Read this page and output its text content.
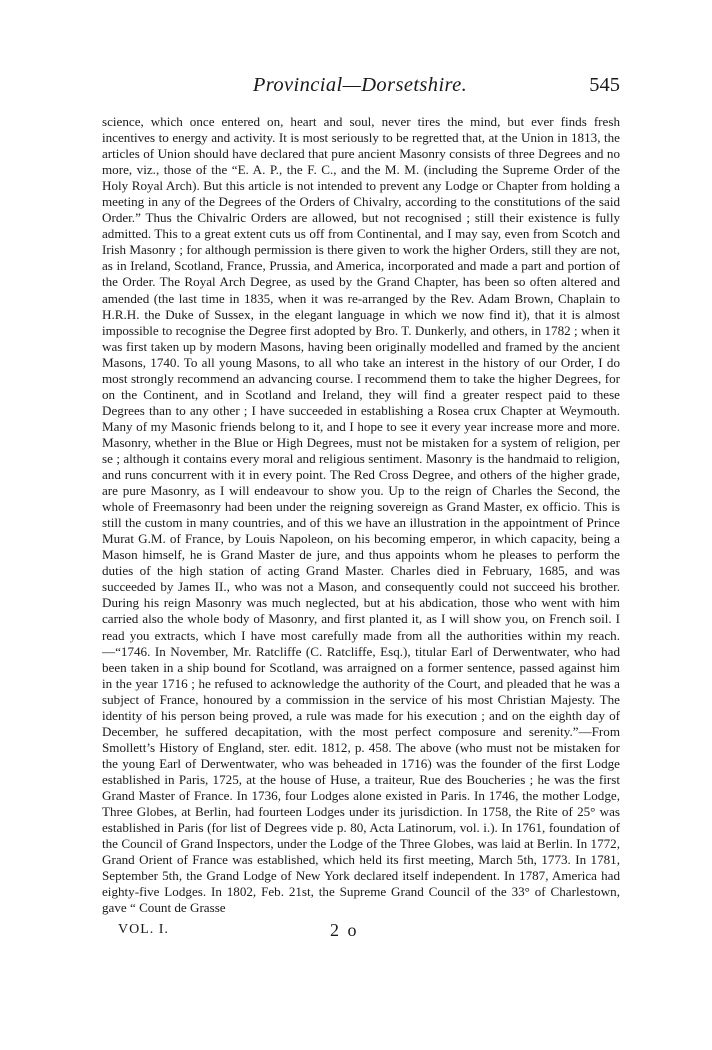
Provincial—Dorsetshire.	545

science, which once entered on, heart and soul, never tires the mind, but ever finds fresh incentives to energy and activity. It is most seriously to be regretted that, at the Union in 1813, the articles of Union should have declared that pure ancient Masonry consists of three Degrees and no more, viz., those of the “E. A. P., the F. C., and the M. M. (including the Supreme Order of the Holy Royal Arch). But this article is not intended to prevent any Lodge or Chapter from holding a meeting in any of the Degrees of the Orders of Chivalry, according to the constitutions of the said Order.” Thus the Chivalric Orders are allowed, but not recognised ; still their existence is fully admitted. This to a great extent cuts us off from Continental, and I may say, even from Scotch and Irish Masonry ; for although permission is there given to work the higher Orders, still they are not, as in Ireland, Scotland, France, Prussia, and America, incorporated and made a part and portion of the Order. The Royal Arch Degree, as used by the Grand Chapter, has been so often altered and amended (the last time in 1835, when it was re-arranged by the Rev. Adam Brown, Chaplain to H.R.H. the Duke of Sussex, in the elegant language in which we now find it), that it is almost impossible to recognise the Degree first adopted by Bro. T. Dunkerly, and others, in 1782 ; when it was first taken up by modern Masons, having been originally modelled and framed by the ancient Masons, 1740. To all young Masons, to all who take an interest in the history of our Order, I do most strongly recommend an advancing course. I recommend them to take the higher Degrees, for on the Continent, and in Scotland and Ireland, they will find a greater respect paid to these Degrees than to any other ; I have succeeded in establishing a Rosea crux Chapter at Weymouth. Many of my Masonic friends belong to it, and I hope to see it every year increase more and more. Masonry, whether in the Blue or High Degrees, must not be mistaken for a system of religion, per se ; although it contains every moral and religious sentiment. Masonry is the handmaid to religion, and runs concurrent with it in every point. The Red Cross Degree, and others of the higher grade, are pure Masonry, as I will endeavour to show you. Up to the reign of Charles the Second, the whole of Freemasonry had been under the reigning sovereign as Grand Master, ex officio. This is still the custom in many countries, and of this we have an illustration in the appointment of Prince Murat G.M. of France, by Louis Napoleon, on his becoming emperor, in which capacity, being a Mason himself, he is Grand Master de jure, and thus appoints whom he pleases to perform the duties of the high station of acting Grand Master. Charles died in February, 1685, and was succeeded by James II., who was not a Mason, and consequently could not succeed his brother. During his reign Masonry was much neglected, but at his abdication, those who went with him carried also the whole body of Masonry, and first planted it, as I will show you, on French soil. I read you extracts, which I have most carefully made from all the authorities within my reach.—“1746. In November, Mr. Ratcliffe (C. Ratcliffe, Esq.), titular Earl of Derwentwater, who had been taken in a ship bound for Scotland, was arraigned on a former sentence, passed against him in the year 1716 ; he refused to acknowledge the authority of the Court, and pleaded that he was a subject of France, honoured by a commission in the service of his most Christian Majesty. The identity of his person being proved, a rule was made for his execution ; and on the eighth day of December, he suffered decapitation, with the most perfect composure and serenity.”—From Smollett’s History of England, ster. edit. 1812, p. 458. The above (who must not be mistaken for the young Earl of Derwentwater, who was beheaded in 1716) was the founder of the first Lodge established in Paris, 1725, at the house of Huse, a traiteur, Rue des Boucheries ; he was the first Grand Master of France. In 1736, four Lodges alone existed in Paris. In 1746, the mother Lodge, Three Globes, at Berlin, had fourteen Lodges under its jurisdiction. In 1758, the Rite of 25° was established in Paris (for list of Degrees vide p. 80, Acta Latinorum, vol. i.). In 1761, foundation of the Council of Grand Inspectors, under the Lodge of the Three Globes, was laid at Berlin. In 1772, Grand Orient of France was established, which held its first meeting, March 5th, 1773. In 1781, September 5th, the Grand Lodge of New York declared itself independent. In 1787, America had eighty-five Lodges. In 1802, Feb. 21st, the Supreme Grand Council of the 33° of Charlestown, gave “ Count de Grasse

VOL. I.	2 o
